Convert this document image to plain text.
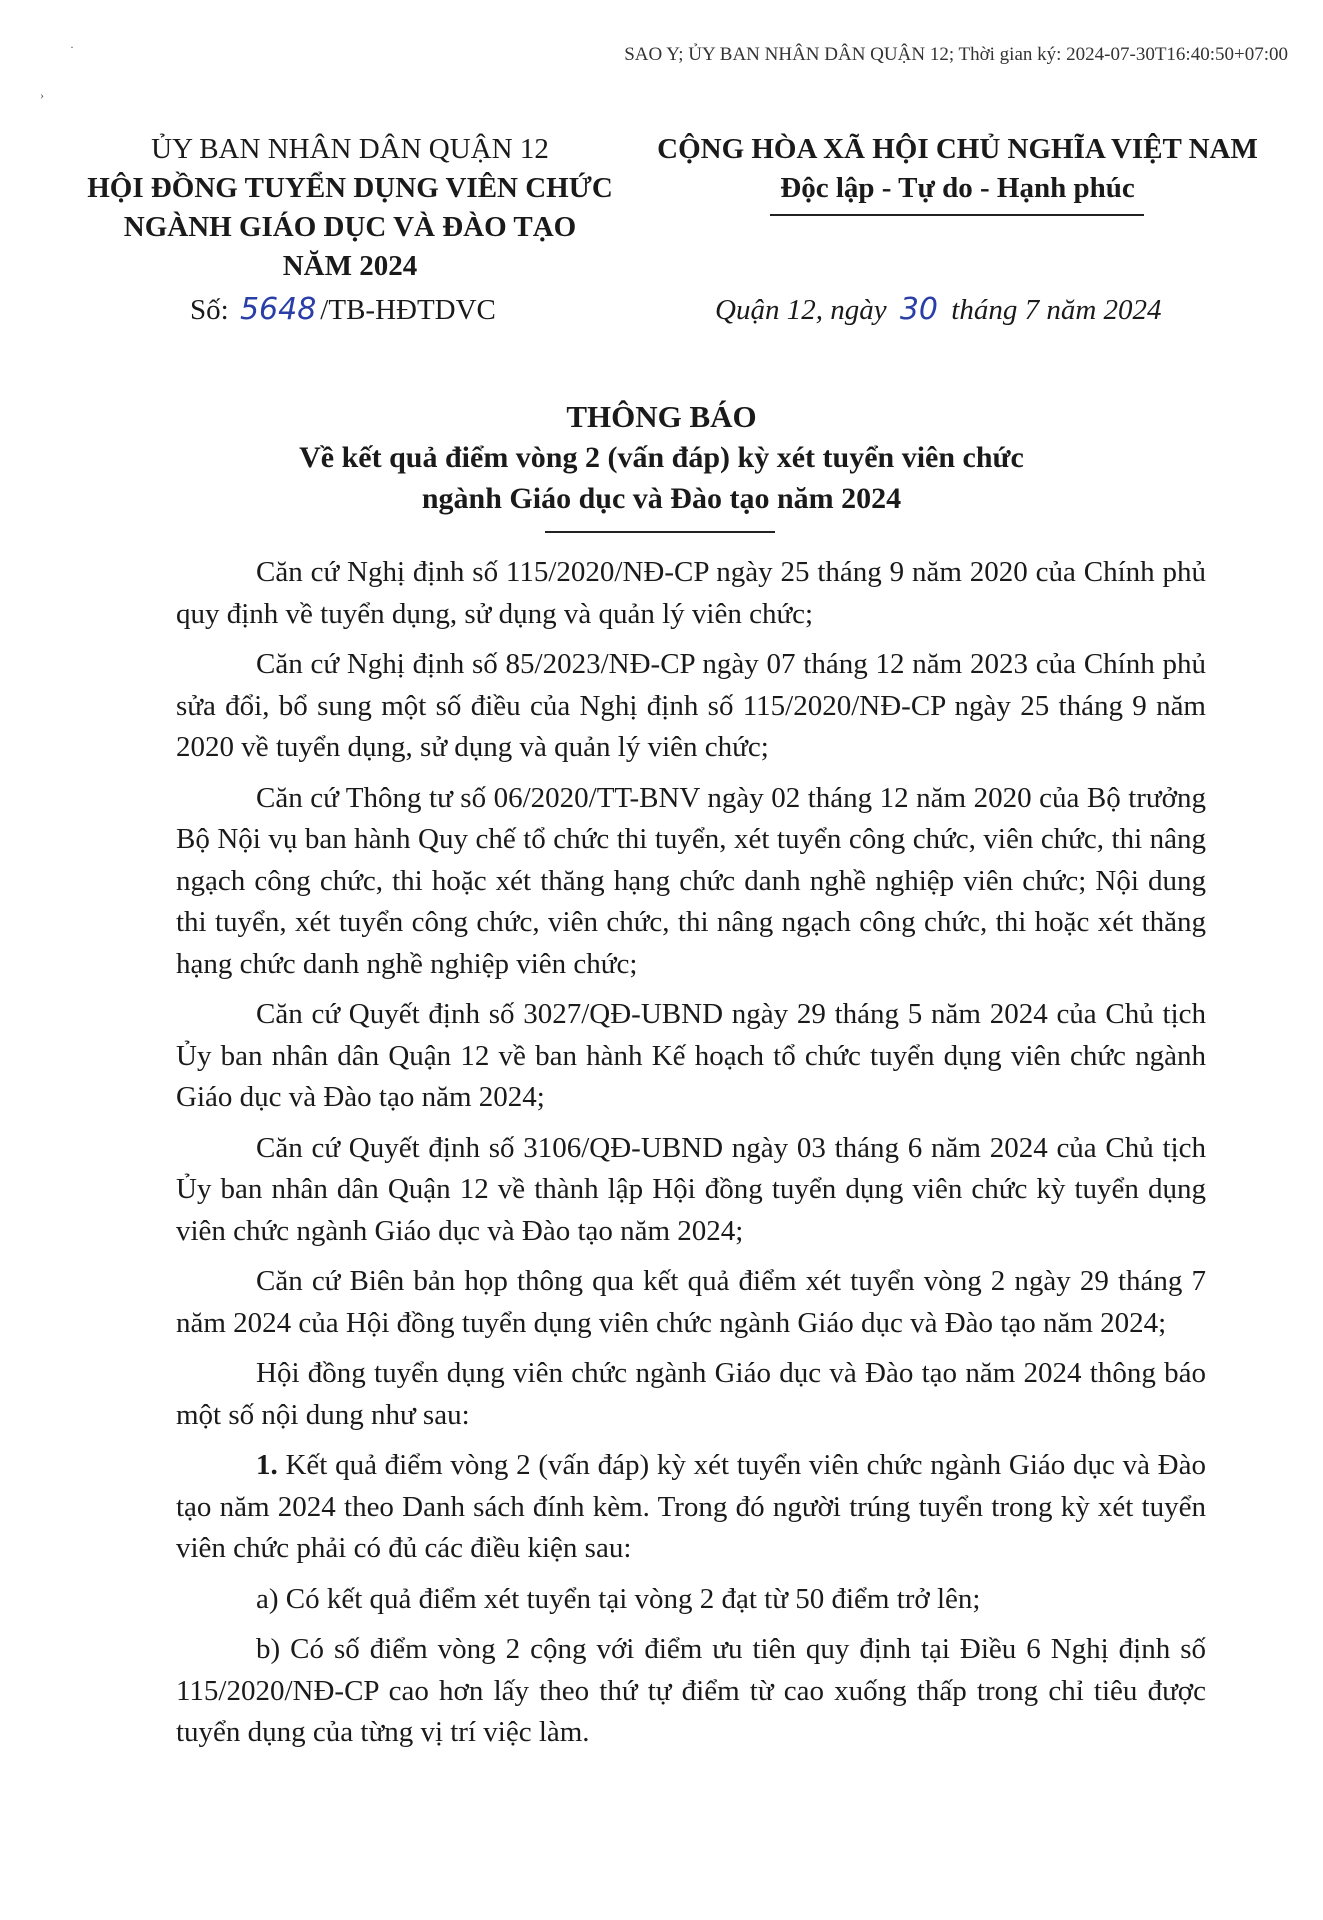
·
›
SAO Y; ỦY BAN NHÂN DÂN QUẬN 12; Thời gian ký: 2024-07-30T16:40:50+07:00
ỦY BAN NHÂN DÂN QUẬN 12
HỘI ĐỒNG TUYỂN DỤNG VIÊN CHỨC
NGÀNH GIÁO DỤC VÀ ĐÀO TẠO
NĂM 2024
CỘNG HÒA XÃ HỘI CHỦ NGHĨA VIỆT NAM
Độc lập - Tự do - Hạnh phúc
Số: 5648 /TB-HĐTDVC	Quận 12, ngày 30 tháng 7 năm 2024
THÔNG BÁO
Về kết quả điểm vòng 2 (vấn đáp) kỳ xét tuyển viên chức
ngành Giáo dục và Đào tạo năm 2024

Căn cứ Nghị định số 115/2020/NĐ-CP ngày 25 tháng 9 năm 2020 của Chính phủ quy định về tuyển dụng, sử dụng và quản lý viên chức;

Căn cứ Nghị định số 85/2023/NĐ-CP ngày 07 tháng 12 năm 2023 của Chính phủ sửa đổi, bổ sung một số điều của Nghị định số 115/2020/NĐ-CP ngày 25 tháng 9 năm 2020 về tuyển dụng, sử dụng và quản lý viên chức;

Căn cứ Thông tư số 06/2020/TT-BNV ngày 02 tháng 12 năm 2020 của Bộ trưởng Bộ Nội vụ ban hành Quy chế tổ chức thi tuyển, xét tuyển công chức, viên chức, thi nâng ngạch công chức, thi hoặc xét thăng hạng chức danh nghề nghiệp viên chức; Nội dung thi tuyển, xét tuyển công chức, viên chức, thi nâng ngạch công chức, thi hoặc xét thăng hạng chức danh nghề nghiệp viên chức;

Căn cứ Quyết định số 3027/QĐ-UBND ngày 29 tháng 5 năm 2024 của Chủ tịch Ủy ban nhân dân Quận 12 về ban hành Kế hoạch tổ chức tuyển dụng viên chức ngành Giáo dục và Đào tạo năm 2024;

Căn cứ Quyết định số 3106/QĐ-UBND ngày 03 tháng 6 năm 2024 của Chủ tịch Ủy ban nhân dân Quận 12 về thành lập Hội đồng tuyển dụng viên chức kỳ tuyển dụng viên chức ngành Giáo dục và Đào tạo năm 2024;

Căn cứ Biên bản họp thông qua kết quả điểm xét tuyển vòng 2 ngày 29 tháng 7 năm 2024 của Hội đồng tuyển dụng viên chức ngành Giáo dục và Đào tạo năm 2024;

Hội đồng tuyển dụng viên chức ngành Giáo dục và Đào tạo năm 2024 thông báo một số nội dung như sau:

1. Kết quả điểm vòng 2 (vấn đáp) kỳ xét tuyển viên chức ngành Giáo dục và Đào tạo năm 2024 theo Danh sách đính kèm. Trong đó người trúng tuyển trong kỳ xét tuyển viên chức phải có đủ các điều kiện sau:

a) Có kết quả điểm xét tuyển tại vòng 2 đạt từ 50 điểm trở lên;

b) Có số điểm vòng 2 cộng với điểm ưu tiên quy định tại Điều 6 Nghị định số 115/2020/NĐ-CP cao hơn lấy theo thứ tự điểm từ cao xuống thấp trong chỉ tiêu được tuyển dụng của từng vị trí việc làm.
